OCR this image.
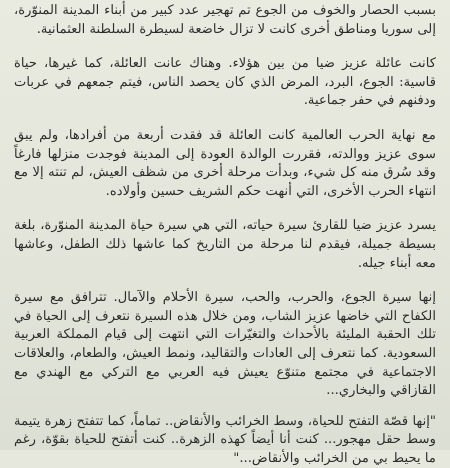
بسبب الحصار والخوف من الجوع تم تهجير عدد كبير من أبناء المدينة المنوّرة، إلى سوريا ومناطق أخرى كانت لا تزال خاضعة لسيطرة السلطنة العثمانية.

كانت عائلة عزيز ضيا من بين هؤلاء. وهناك عانت العائلة، كما غيرها، حياة قاسية: الجوع، البرد، المرض الذي كان يحصد الناس، فيتم جمعهم في عربات ودفنهم في حفر جماعية.

مع نهاية الحرب العالمية كانت العائلة قد فقدت أربعة من أفرادها، ولم يبق سوى عزيز ووالدته، فقررت الوالدة العودة إلى المدينة فوجدت منزلها فارغاً وقد سُرق منه كل شيء، وبدأت مرحلة أخرى من شظف العيش، لم تنته إلا مع انتهاء الحرب الأخرى، التي أنهت حكم الشريف حسين وأولاده.

يسرد عزيز ضيا للقارئ سيرة حياته، التي هي سيرة حياة المدينة المنوّرة، بلغة بسيطة جميلة، فيقدم لنا مرحلة من التاريخ كما عاشها ذلك الطفل، وعاشها معه أبناء جيله.

إنها سيرة الجوع، والحرب، والحب، سيرة الأحلام والآمال. تترافق مع سيرة الكفاح التي خاضها عزيز الشاب، ومن خلال هذه السيرة نتعرف إلى الحياة في تلك الحقبة المليئة بالأحداث والتغيّرات التي انتهت إلى قيام المملكة العربية السعودية. كما نتعرف إلى العادات والتقاليد، ونمط العيش، والطعام، والعلاقات الاجتماعية في مجتمع متنوّع يعيش فيه العربي مع التركي مع الهندي مع القازاقي والبخاري...

"إنها قصّة التفتح للحياة، وسط الخرائب والأنقاض.. تماماً، كما تتفتح زهرة يتيمة وسط حقل مهجور... كنت أنا أيضاً كهذه الزهرة.. كنت أتفتح للحياة بقوّة، رغم ما يحيط بي من الخرائب والأنقاض..."
